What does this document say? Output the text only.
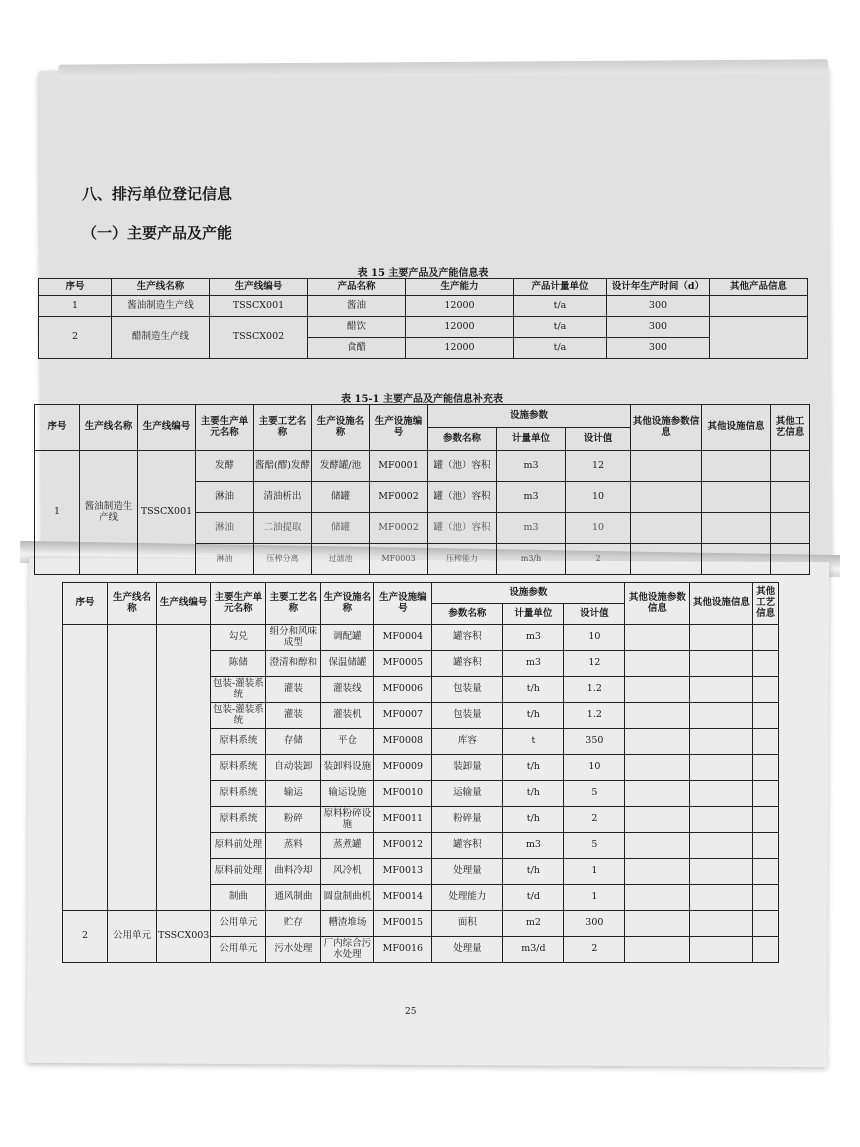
八、排污单位登记信息
（一）主要产品及产能
表 15 主要产品及产能信息表
序号	生产线名称	生产线编号	产品名称	生产能力	产品计量单位	设计年生产时间（d）	其他产品信息
1	酱油制造生产线	TSSCX001	酱油	12000	t/a	300	
2	醋制造生产线	TSSCX002	醋饮	12000	t/a	300	
			食醋	12000	t/a	300	
表 15-1 主要产品及产能信息补充表
序号	生产线名称	生产线编号	主要生产单元名称	主要工艺名称	生产设施名称	生产设施编号	设施参数			其他设施参数信息	其他设施信息	其他工艺信息
							参数名称	计量单位	设计值			
1	酱油制造生产线	TSSCX001	发酵	酱醅(醪)发酵	发酵罐/池	MF0001	罐（池）容积	m3	12			
			淋油	清油析出	储罐	MF0002	罐（池）容积	m3	10			
			淋油	二油提取	储罐	MF0002	罐（池）容积	m3	10			
			淋油	压榨分离	过滤池	MF0003	压榨能力	m3/h	2			
序号	生产线名称	生产线编号	主要生产单元名称	主要工艺名称	生产设施名称	生产设施编号	设施参数			其他设施参数信息	其他设施信息	其他工艺信息
							参数名称	计量单位	设计值			
			勾兑	组分和风味成型	调配罐	MF0004	罐容积	m3	10			
			陈储	澄清和醇和	保温储罐	MF0005	罐容积	m3	12			
			包装-灌装系统	灌装	灌装线	MF0006	包装量	t/h	1.2			
			包装-灌装系统	灌装	灌装机	MF0007	包装量	t/h	1.2			
			原料系统	存储	平仓	MF0008	库容	t	350			
			原料系统	自动装卸	装卸料设施	MF0009	装卸量	t/h	10			
			原料系统	输运	输运设施	MF0010	运输量	t/h	5			
			原料系统	粉碎	原料粉碎设施	MF0011	粉碎量	t/h	2			
			原料前处理	蒸料	蒸煮罐	MF0012	罐容积	m3	5			
			原料前处理	曲料冷却	风冷机	MF0013	处理量	t/h	1			
			制曲	通风制曲	圆盘制曲机	MF0014	处理能力	t/d	1			
2	公用单元	TSSCX003	公用单元	贮存	糟渣堆场	MF0015	面积	m2	300			
			公用单元	污水处理	厂内综合污水处理	MF0016	处理量	m3/d	2			
25
